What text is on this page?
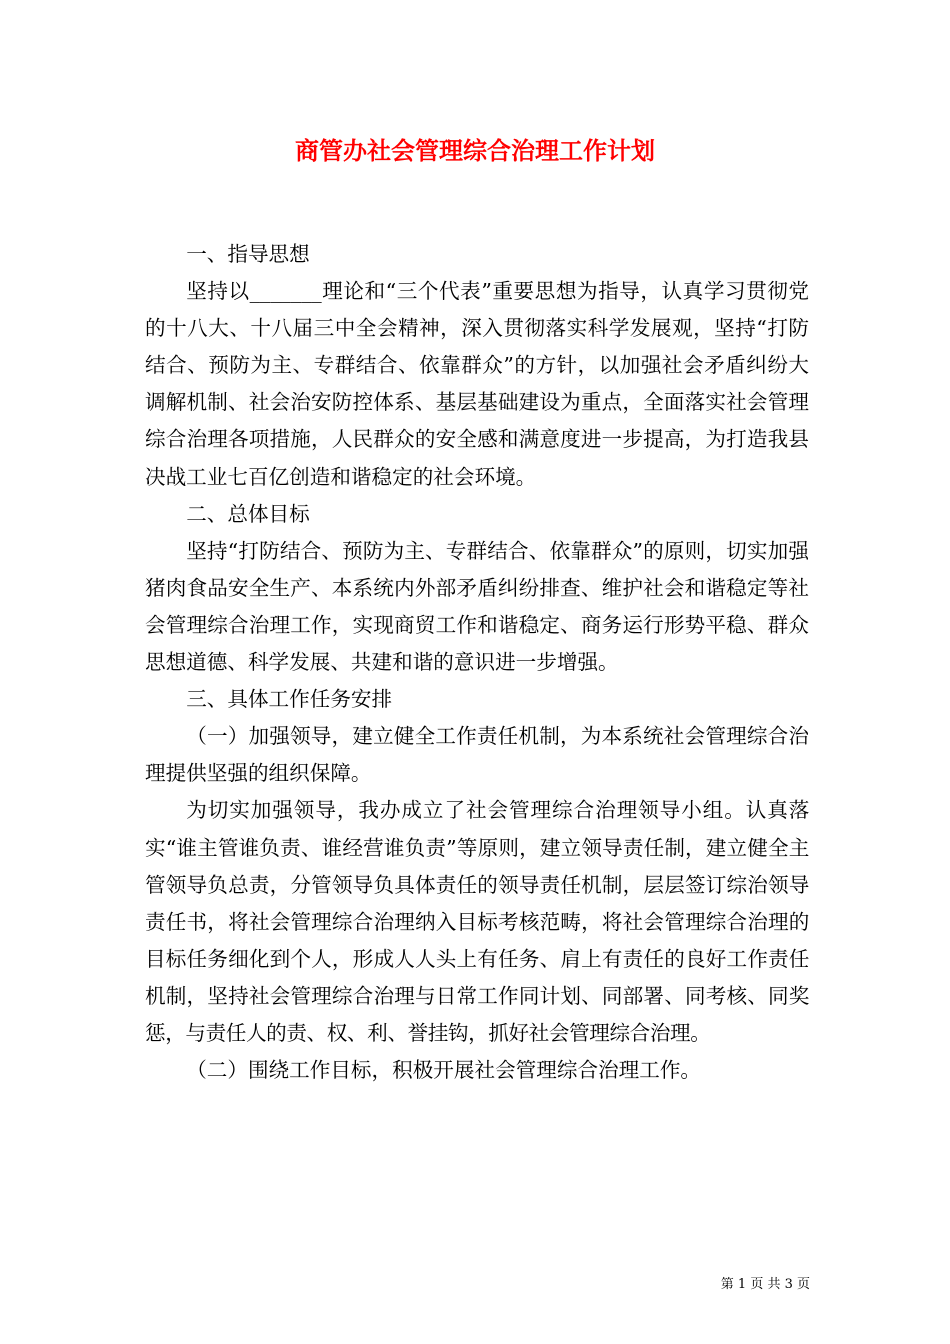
商管办社会管理综合治理工作计划

一、指导思想

坚持以_______理论和“三个代表”重要思想为指导，认真学习贯彻党的十八大、十八届三中全会精神，深入贯彻落实科学发展观，坚持“打防结合、预防为主、专群结合、依靠群众”的方针，以加强社会矛盾纠纷大调解机制、社会治安防控体系、基层基础建设为重点，全面落实社会管理综合治理各项措施，人民群众的安全感和满意度进一步提高，为打造我县决战工业七百亿创造和谐稳定的社会环境。

二、总体目标

坚持“打防结合、预防为主、专群结合、依靠群众”的原则，切实加强猪肉食品安全生产、本系统内外部矛盾纠纷排查、维护社会和谐稳定等社会管理综合治理工作，实现商贸工作和谐稳定、商务运行形势平稳、群众思想道德、科学发展、共建和谐的意识进一步增强。

三、具体工作任务安排

（一）加强领导，建立健全工作责任机制，为本系统社会管理综合治理提供坚强的组织保障。

为切实加强领导，我办成立了社会管理综合治理领导小组。认真落实“谁主管谁负责、谁经营谁负责”等原则，建立领导责任制，建立健全主管领导负总责，分管领导负具体责任的领导责任机制，层层签订综治领导责任书，将社会管理综合治理纳入目标考核范畴，将社会管理综合治理的目标任务细化到个人，形成人人头上有任务、肩上有责任的良好工作责任机制，坚持社会管理综合治理与日常工作同计划、同部署、同考核、同奖惩，与责任人的责、权、利、誉挂钩，抓好社会管理综合治理。

（二）围绕工作目标，积极开展社会管理综合治理工作。

第 1 页 共 3 页
